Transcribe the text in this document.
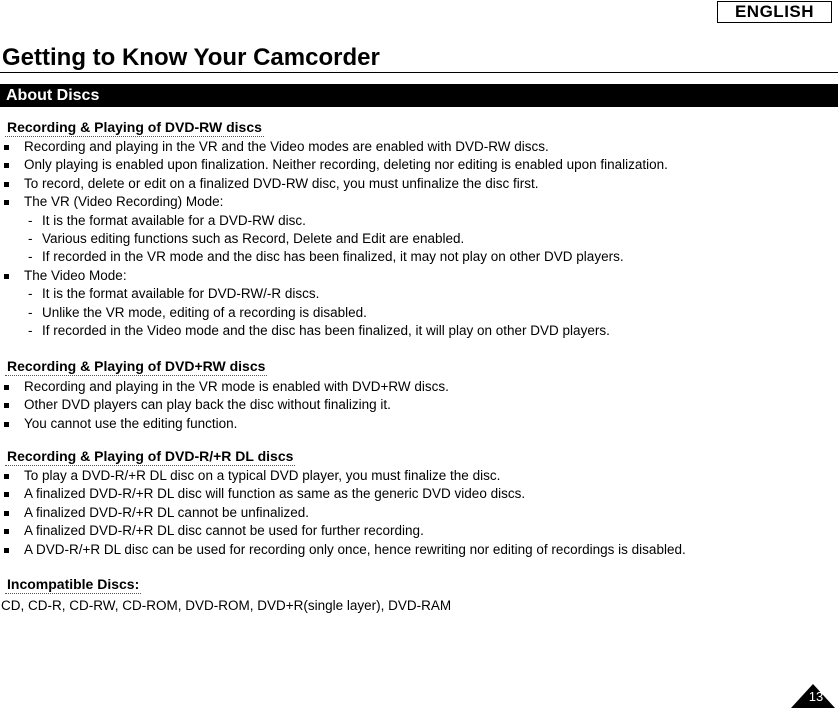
ENGLISH
Getting to Know Your Camcorder
About Discs
Recording & Playing of DVD-RW discs
Recording and playing in the VR and the Video modes are enabled with DVD-RW discs.
Only playing is enabled upon finalization. Neither recording, deleting nor editing is enabled upon finalization.
To record, delete or edit on a finalized DVD-RW disc, you must unfinalize the disc first.
The VR (Video Recording) Mode:
- It is the format available for a DVD-RW disc.
- Various editing functions such as Record, Delete and Edit are enabled.
- If recorded in the VR mode and the disc has been finalized, it may not play on other DVD players.
The Video Mode:
- It is the format available for DVD-RW/-R discs.
- Unlike the VR mode, editing of a recording is disabled.
- If recorded in the Video mode and the disc has been finalized, it will play on other DVD players.
Recording & Playing of DVD+RW discs
Recording and playing in the VR mode is enabled with DVD+RW discs.
Other DVD players can play back the disc without finalizing it.
You cannot use the editing function.
Recording & Playing of DVD-R/+R DL discs
To play a DVD-R/+R DL disc on a typical DVD player, you must finalize the disc.
A finalized DVD-R/+R DL disc will function as same as the generic DVD video discs.
A finalized DVD-R/+R DL cannot be unfinalized.
A finalized DVD-R/+R DL disc cannot be used for further recording.
A DVD-R/+R DL disc can be used for recording only once, hence rewriting nor editing of recordings is disabled.
Incompatible Discs:
CD, CD-R, CD-RW, CD-ROM, DVD-ROM, DVD+R(single layer), DVD-RAM
13
